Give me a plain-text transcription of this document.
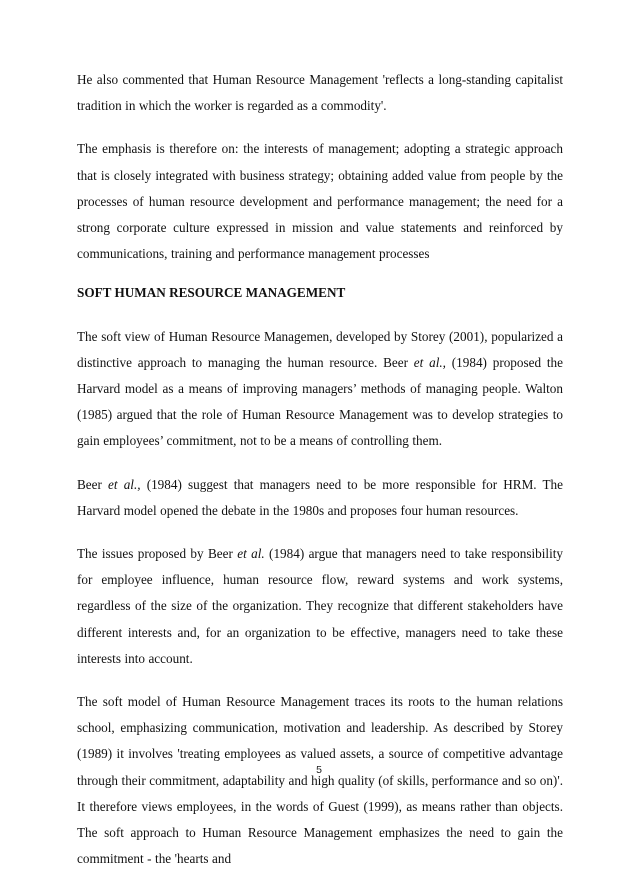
He also commented that Human Resource Management 'reflects a long-standing capitalist tradition in which the worker is regarded as a commodity'.

The emphasis is therefore on: the interests of management; adopting a strategic approach that is closely integrated with business strategy; obtaining added value from people by the processes of human resource development and performance management; the need for a strong corporate culture expressed in mission and value statements and reinforced by communications, training and performance management processes

SOFT HUMAN RESOURCE MANAGEMENT

The soft view of Human Resource Managemen, developed by Storey (2001), popularized a distinctive approach to managing the human resource. Beer et al., (1984) proposed the Harvard model as a means of improving managers’ methods of managing people. Walton (1985) argued that the role of Human Resource Management was to develop strategies to gain employees’ commitment, not to be a means of controlling them.

Beer et al., (1984) suggest that managers need to be more responsible for HRM. The Harvard model opened the debate in the 1980s and proposes four human resources.

The issues proposed by Beer et al. (1984) argue that managers need to take responsibility for employee influence, human resource flow, reward systems and work systems, regardless of the size of the organization. They recognize that different stakeholders have different interests and, for an organization to be effective, managers need to take these interests into account.

The soft model of Human Resource Management traces its roots to the human relations school, emphasizing communication, motivation and leadership. As described by Storey (1989) it involves 'treating employees as valued assets, a source of competitive advantage through their commitment, adaptability and high quality (of skills, performance and so on)'. It therefore views employees, in the words of Guest (1999), as means rather than objects. The soft approach to Human Resource Management emphasizes the need to gain the commitment - the 'hearts and

5
